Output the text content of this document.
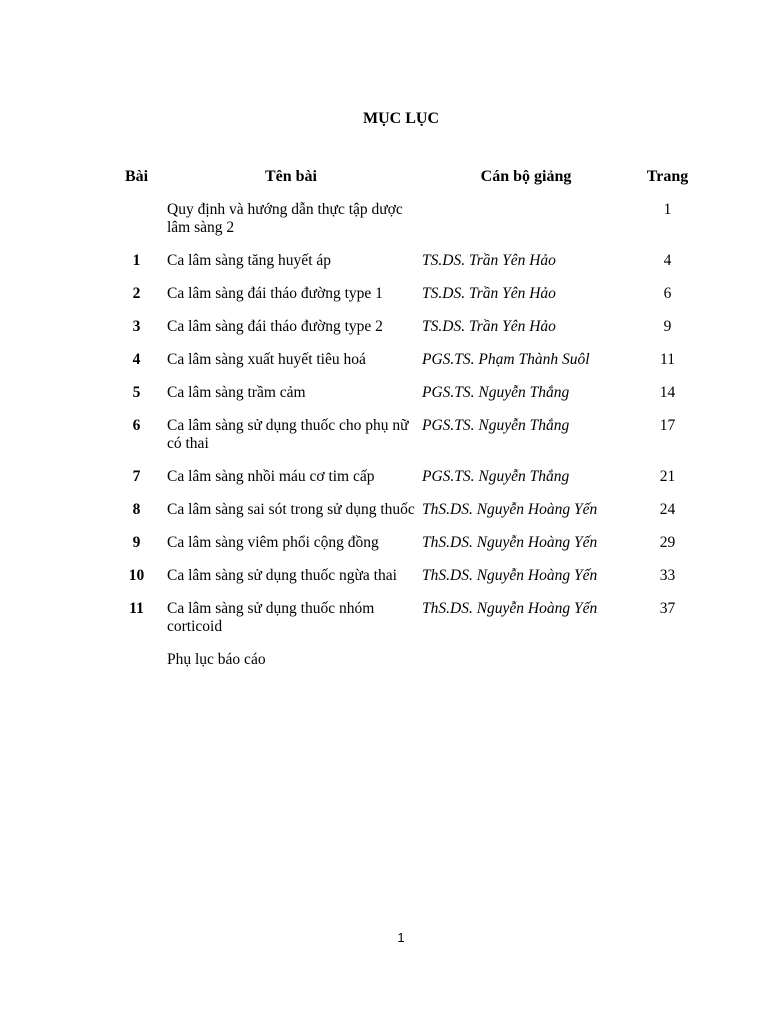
MỤC LỤC
Bài	Tên bài	Cán bộ giảng	Trang
	Quy định và hướng dẫn thực tập dược lâm sàng 2		1
1	Ca lâm sàng tăng huyết áp	TS.DS. Trần Yên Hảo	4
2	Ca lâm sàng đái tháo đường type 1	TS.DS. Trần Yên Hảo	6
3	Ca lâm sàng đái tháo đường type 2	TS.DS. Trần Yên Hảo	9
4	Ca lâm sàng xuất huyết tiêu hoá	PGS.TS. Phạm Thành Suôl	11
5	Ca lâm sàng trầm cảm	PGS.TS. Nguyễn Thắng	14
6	Ca lâm sàng sử dụng thuốc cho phụ nữ có thai	PGS.TS. Nguyễn Thắng	17
7	Ca lâm sàng nhồi máu cơ tim cấp	PGS.TS. Nguyễn Thắng	21
8	Ca lâm sàng sai sót trong sử dụng thuốc	ThS.DS. Nguyễn Hoàng Yến	24
9	Ca lâm sàng viêm phổi cộng đồng	ThS.DS. Nguyễn Hoàng Yến	29
10	Ca lâm sàng sử dụng thuốc ngừa thai	ThS.DS. Nguyễn Hoàng Yến	33
11	Ca lâm sàng sử dụng thuốc nhóm corticoid	ThS.DS. Nguyễn Hoàng Yến	37
	Phụ lục báo cáo		
1
